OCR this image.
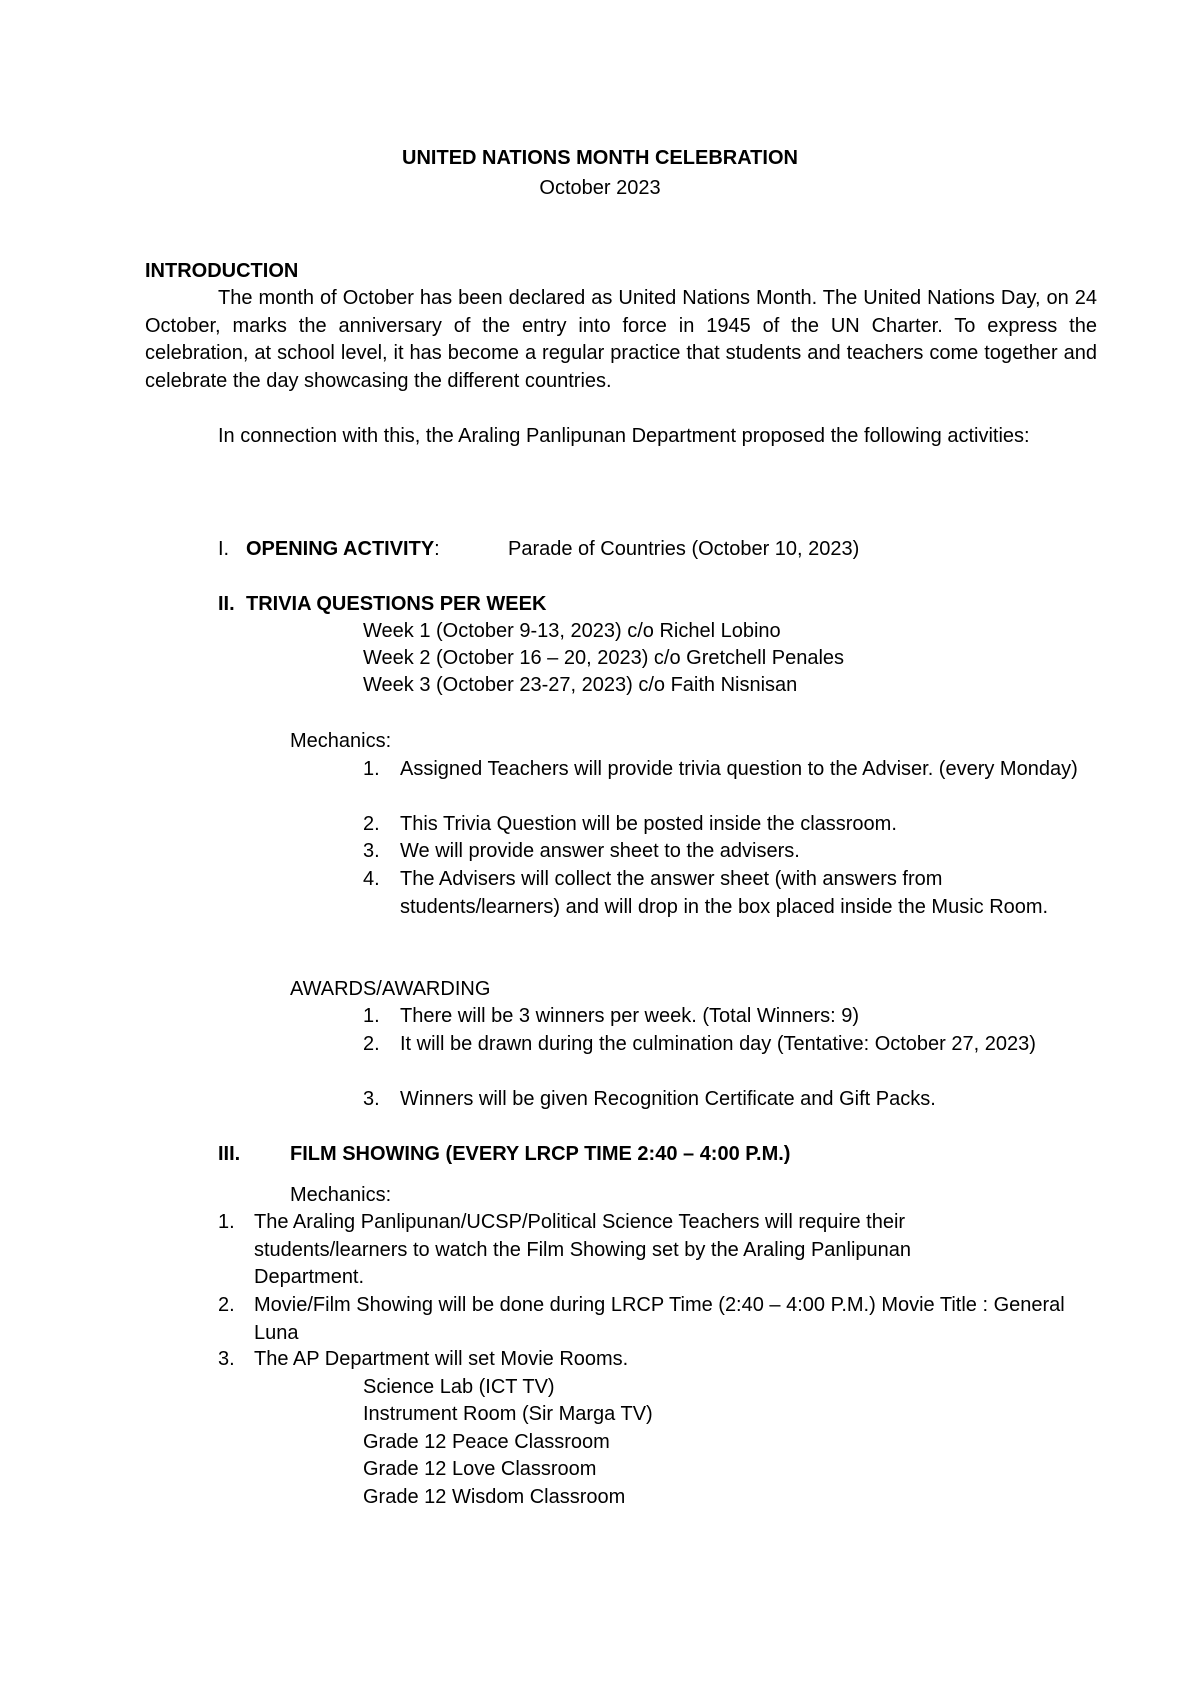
UNITED NATIONS MONTH CELEBRATION
October 2023
INTRODUCTION

The month of October has been declared as United Nations Month. The United Nations Day, on 24 October, marks the anniversary of the entry into force in 1945 of the UN Charter. To express the celebration, at school level, it has become a regular practice that students and teachers come together and celebrate the day showcasing the different countries.

In connection with this, the Araling Panlipunan Department proposed the following activities:

I. OPENING ACTIVITY:	Parade of Countries (October 10, 2023)
II. TRIVIA QUESTIONS PER WEEK
Week 1 (October 9-13, 2023) c/o Richel Lobino
Week 2 (October 16 – 20, 2023) c/o Gretchell Penales
Week 3 (October 23-27, 2023) c/o Faith Nisnisan
Mechanics:
1. Assigned Teachers will provide trivia question to the Adviser. (every Monday)
2. This Trivia Question will be posted inside the classroom.
3. We will provide answer sheet to the advisers.
4. The Advisers will collect the answer sheet (with answers from students/learners) and will drop in the box placed inside the Music Room.
AWARDS/AWARDING
1. There will be 3 winners per week. (Total Winners: 9)
2. It will be drawn during the culmination day (Tentative: October 27, 2023)
3. Winners will be given Recognition Certificate and Gift Packs.
III. FILM SHOWING (EVERY LRCP TIME 2:40 – 4:00 P.M.)
Mechanics:
1. The Araling Panlipunan/UCSP/Political Science Teachers will require their students/learners to watch the Film Showing set by the Araling Panlipunan Department.
2. Movie/Film Showing will be done during LRCP Time (2:40 – 4:00 P.M.) Movie Title : General Luna
3. The AP Department will set Movie Rooms.
Science Lab (ICT TV)
Instrument Room (Sir Marga TV)
Grade 12 Peace Classroom
Grade 12 Love Classroom
Grade 12 Wisdom Classroom
